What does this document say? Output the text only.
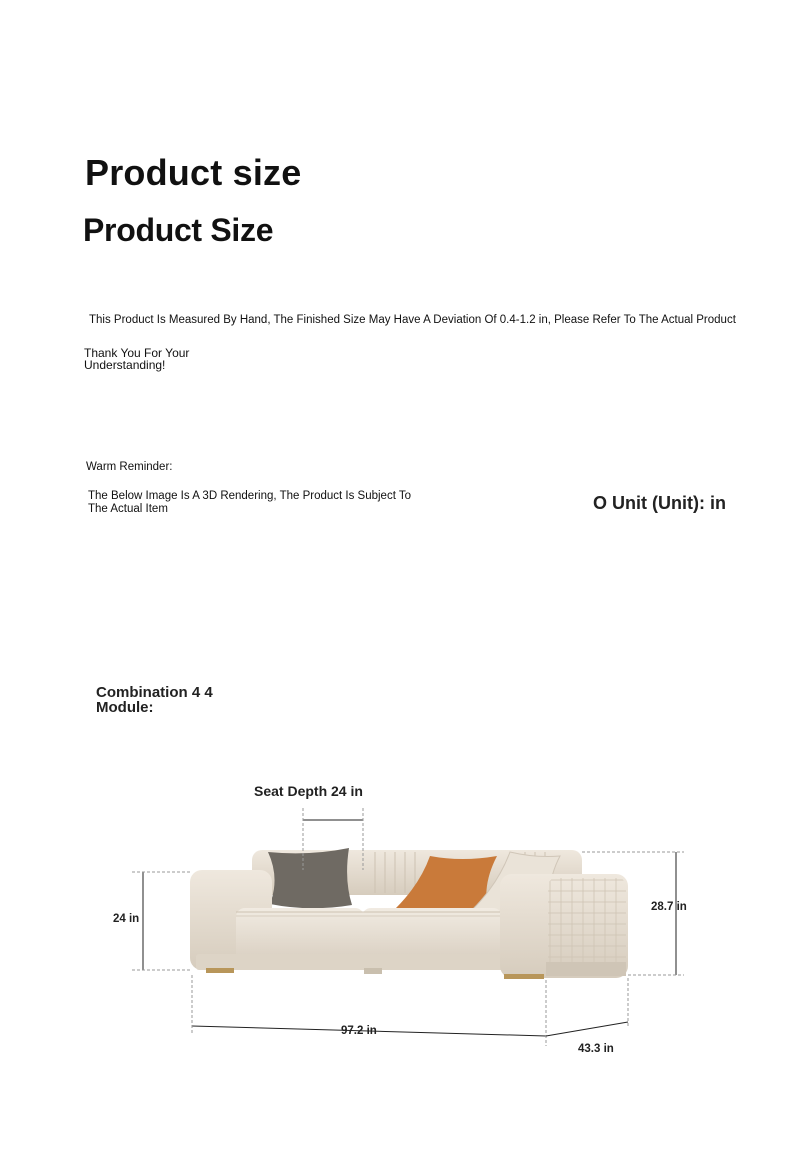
Product size
Product Size
This Product Is Measured By Hand, The Finished Size May Have A Deviation Of 0.4-1.2 in, Please Refer To The Actual Product
Thank You For Your Understanding!
Warm Reminder:
The Below Image Is A 3D Rendering, The Product Is Subject To The Actual Item	O Unit (Unit): in
Combination 4 4 Module:
Seat Depth 24 in
24 in
28.7 in
97.2 in
43.3 in
